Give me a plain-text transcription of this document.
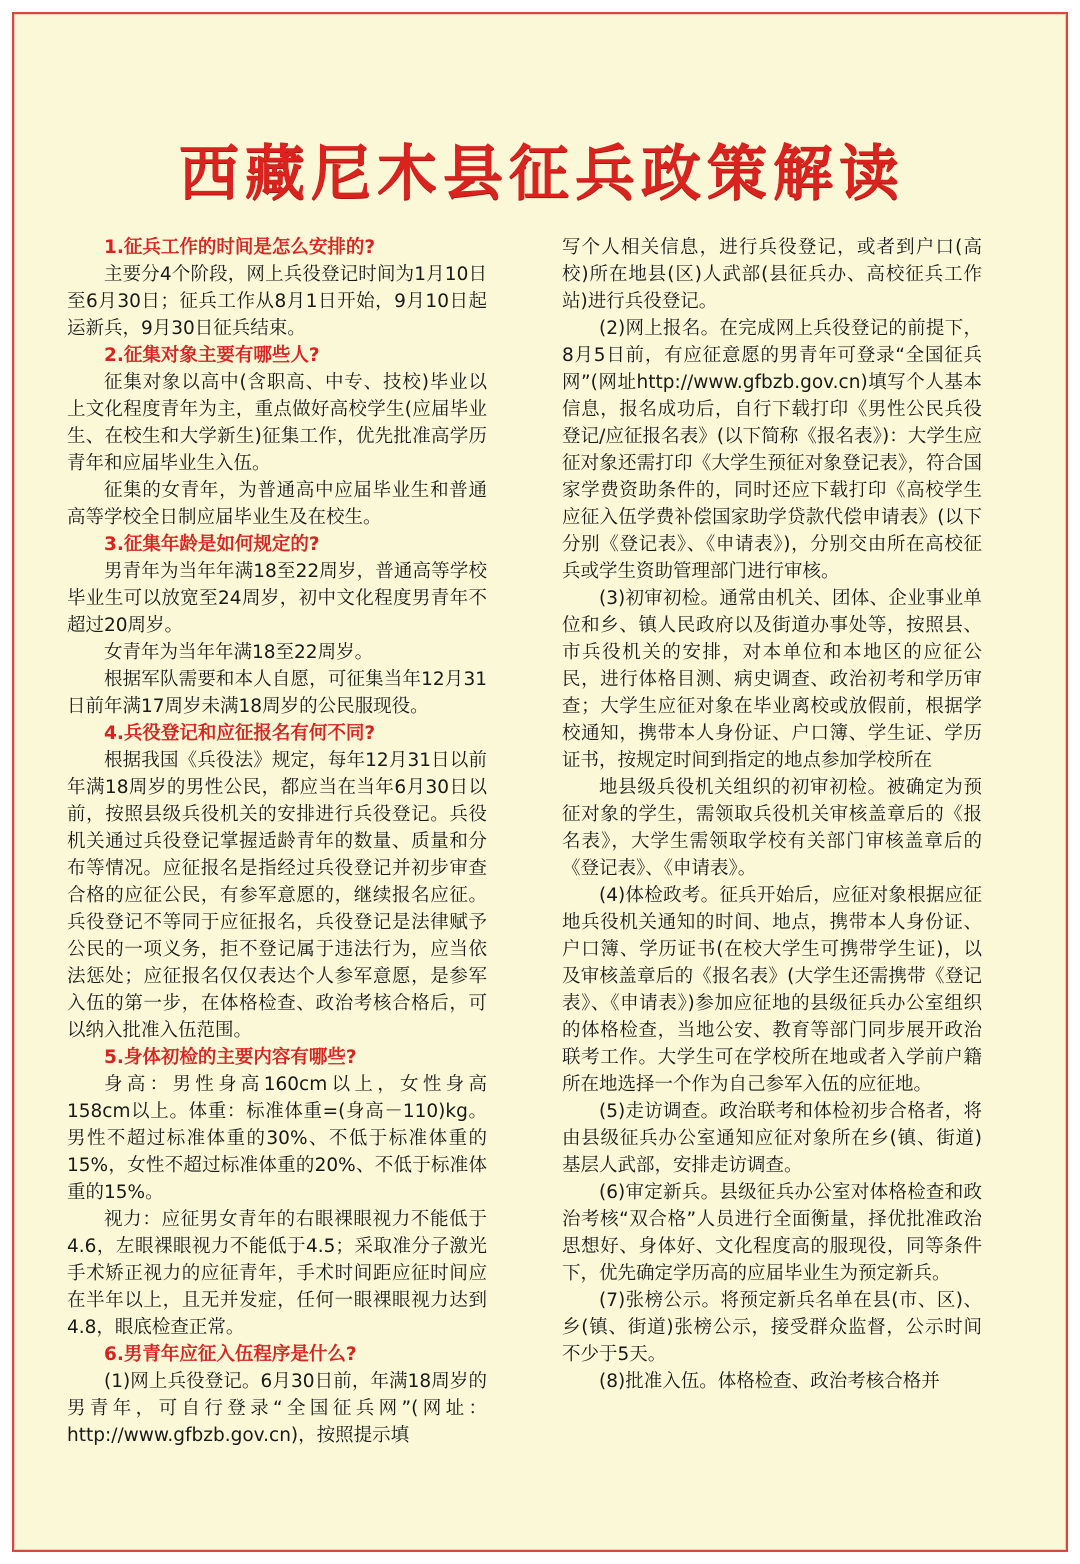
西藏尼木县征兵政策解读
1.征兵工作的时间是怎么安排的?

主要分4个阶段，网上兵役登记时间为1月10日至6月30日；征兵工作从8月1日开始，9月10日起运新兵，9月30日征兵结束。

2.征集对象主要有哪些人?

征集对象以高中(含职高、中专、技校)毕业以上文化程度青年为主，重点做好高校学生(应届毕业生、在校生和大学新生)征集工作，优先批准高学历青年和应届毕业生入伍。

征集的女青年，为普通高中应届毕业生和普通高等学校全日制应届毕业生及在校生。

3.征集年龄是如何规定的?

男青年为当年年满18至22周岁，普通高等学校毕业生可以放宽至24周岁，初中文化程度男青年不超过20周岁。

女青年为当年年满18至22周岁。

根据军队需要和本人自愿，可征集当年12月31日前年满17周岁未满18周岁的公民服现役。

4.兵役登记和应征报名有何不同?

根据我国《兵役法》规定，每年12月31日以前年满18周岁的男性公民，都应当在当年6月30日以前，按照县级兵役机关的安排进行兵役登记。兵役机关通过兵役登记掌握适龄青年的数量、质量和分布等情况。应征报名是指经过兵役登记并初步审查合格的应征公民，有参军意愿的，继续报名应征。兵役登记不等同于应征报名，兵役登记是法律赋予公民的一项义务，拒不登记属于违法行为，应当依法惩处；应征报名仅仅表达个人参军意愿，是参军入伍的第一步，在体格检查、政治考核合格后，可以纳入批准入伍范围。

5.身体初检的主要内容有哪些?

身高：男性身高160cm以上，女性身高158cm以上。体重：标准体重=(身高－110)kg。男性不超过标准体重的30%、不低于标准体重的15%，女性不超过标准体重的20%、不低于标准体重的15%。

视力：应征男女青年的右眼裸眼视力不能低于4.6，左眼裸眼视力不能低于4.5；采取准分子激光手术矫正视力的应征青年，手术时间距应征时间应在半年以上，且无并发症，任何一眼裸眼视力达到4.8，眼底检查正常。

6.男青年应征入伍程序是什么?

(1)网上兵役登记。6月30日前，年满18周岁的男青年，可自行登录“全国征兵网”(网址：http://www.gfbzb.gov.cn)，按照提示填

写个人相关信息，进行兵役登记，或者到户口(高校)所在地县(区)人武部(县征兵办、高校征兵工作站)进行兵役登记。

(2)网上报名。在完成网上兵役登记的前提下，8月5日前，有应征意愿的男青年可登录“全国征兵网”(网址http://www.gfbzb.gov.cn)填写个人基本信息，报名成功后，自行下载打印《男性公民兵役登记/应征报名表》(以下简称《报名表》)：大学生应征对象还需打印《大学生预征对象登记表》，符合国家学费资助条件的，同时还应下载打印《高校学生应征入伍学费补偿国家助学贷款代偿申请表》(以下分别《登记表》、《申请表》)，分别交由所在高校征兵或学生资助管理部门进行审核。

(3)初审初检。通常由机关、团体、企业事业单位和乡、镇人民政府以及街道办事处等，按照县、市兵役机关的安排，对本单位和本地区的应征公民，进行体格目测、病史调查、政治初考和学历审查；大学生应征对象在毕业离校或放假前，根据学校通知，携带本人身份证、户口簿、学生证、学历证书，按规定时间到指定的地点参加学校所在

地县级兵役机关组织的初审初检。被确定为预征对象的学生，需领取兵役机关审核盖章后的《报名表》，大学生需领取学校有关部门审核盖章后的《登记表》、《申请表》。

(4)体检政考。征兵开始后，应征对象根据应征地兵役机关通知的时间、地点，携带本人身份证、户口簿、学历证书(在校大学生可携带学生证)，以及审核盖章后的《报名表》(大学生还需携带《登记表》、《申请表》)参加应征地的县级征兵办公室组织的体格检查，当地公安、教育等部门同步展开政治联考工作。大学生可在学校所在地或者入学前户籍所在地选择一个作为自己参军入伍的应征地。

(5)走访调查。政治联考和体检初步合格者，将由县级征兵办公室通知应征对象所在乡(镇、街道)基层人武部，安排走访调查。

(6)审定新兵。县级征兵办公室对体格检查和政治考核“双合格”人员进行全面衡量，择优批准政治思想好、身体好、文化程度高的服现役，同等条件下，优先确定学历高的应届毕业生为预定新兵。

(7)张榜公示。将预定新兵名单在县(市、区)、乡(镇、街道)张榜公示，接受群众监督，公示时间不少于5天。

(8)批准入伍。体格检查、政治考核合格并
